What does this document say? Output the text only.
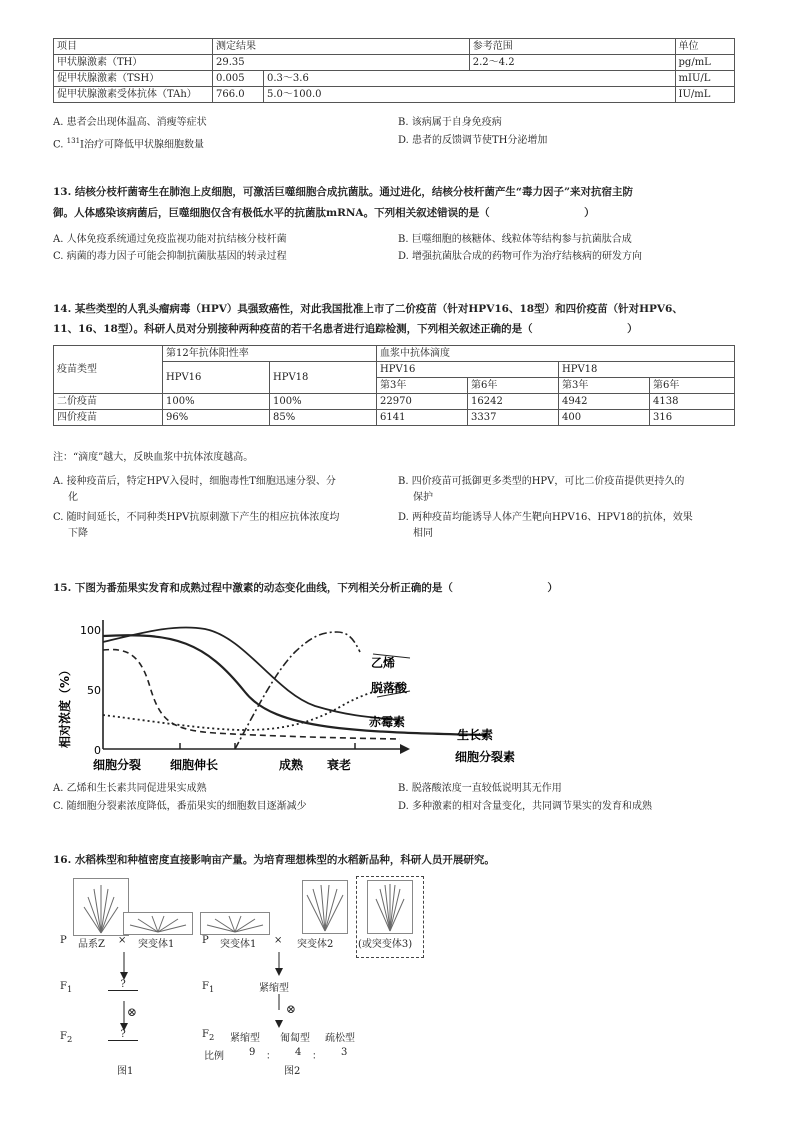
项目	测定结果		参考范围	单位
甲状腺激素（TH）	29.35		2.2～4.2	pg/mL
促甲状腺激素（TSH）	0.005	0.3～3.6		mIU/L
促甲状腺激素受体抗体（TAh）	766.0	5.0～100.0		IU/mL
A. 患者会出现体温高、消瘦等症状	B. 该病属于自身免疫病
C. $^{131}$I治疗可降低甲状腺细胞数量	D. 患者的反馈调节使TH分泌增加
13. 结核分枝杆菌寄生在肺泡上皮细胞，可激活巨噬细胞合成抗菌肽。通过进化，结核分枝杆菌产生“毒力因子”来对抗宿主防
御。人体感染该病菌后，巨噬细胞仅含有极低水平的抗菌肽mRNA。下列相关叙述错误的是（　　　　　　　　　）
A. 人体免疫系统通过免疫监视功能对抗结核分枝杆菌	B. 巨噬细胞的核糖体、线粒体等结构参与抗菌肽合成
C. 病菌的毒力因子可能会抑制抗菌肽基因的转录过程	D. 增强抗菌肽合成的药物可作为治疗结核病的研发方向
14. 某些类型的人乳头瘤病毒（HPV）具强致癌性，对此我国批准上市了二价疫苗（针对HPV16、18型）和四价疫苗（针对HPV6、
11、16、18型）。科研人员对分别接种两种疫苗的若干名患者进行追踪检测，下列相关叙述正确的是（　　　　　　　　　）
疫苗类型	第12年抗体阳性率		血浆中抗体滴度			
	HPV16	HPV18	HPV16		HPV18	
			第3年	第6年	第3年	第6年
二价疫苗	100%	100%	22970	16242	4942	4138
四价疫苗	96%	85%	6141	3337	400	316
注：“滴度”越大，反映血浆中抗体浓度越高。
A. 接种疫苗后，特定HPV入侵时，细胞毒性T细胞迅速分裂、分
化
B. 四价疫苗可抵御更多类型的HPV，可比二价疫苗提供更持久的
保护
C. 随时间延长，不同种类HPV抗原刺激下产生的相应抗体浓度均
下降
D. 两种疫苗均能诱导人体产生靶向HPV16、HPV18的抗体，效果
相同
15. 下图为番茄果实发育和成熟过程中激素的动态变化曲线，下列相关分析正确的是（　　　　　　　　　）
相对浓度（%）
100
50
0
乙烯
脱落酸
赤霉素
生长素
细胞分裂素
细胞分裂 细胞伸长	成熟 衰老
A. 乙烯和生长素共同促进果实成熟	B. 脱落酸浓度一直较低说明其无作用
C. 随细胞分裂素浓度降低，番茄果实的细胞数目逐渐减少	D. 多种激素的相对含量变化，共同调节果实的发育和成熟
16. 水稻株型和种植密度直接影响亩产量。为培育理想株型的水稻新品种，科研人员开展研究。
P 品系Z × 突变体1
$F_1$	?
⊗
$F_2$	?
图1
P 突变体1 × 突变体2 (或突变体3)
$F_1$	紧缩型
⊗
$F_2$ 紧缩型 匍匐型 疏松型
比例	9 ： 4 ： 3
图2
